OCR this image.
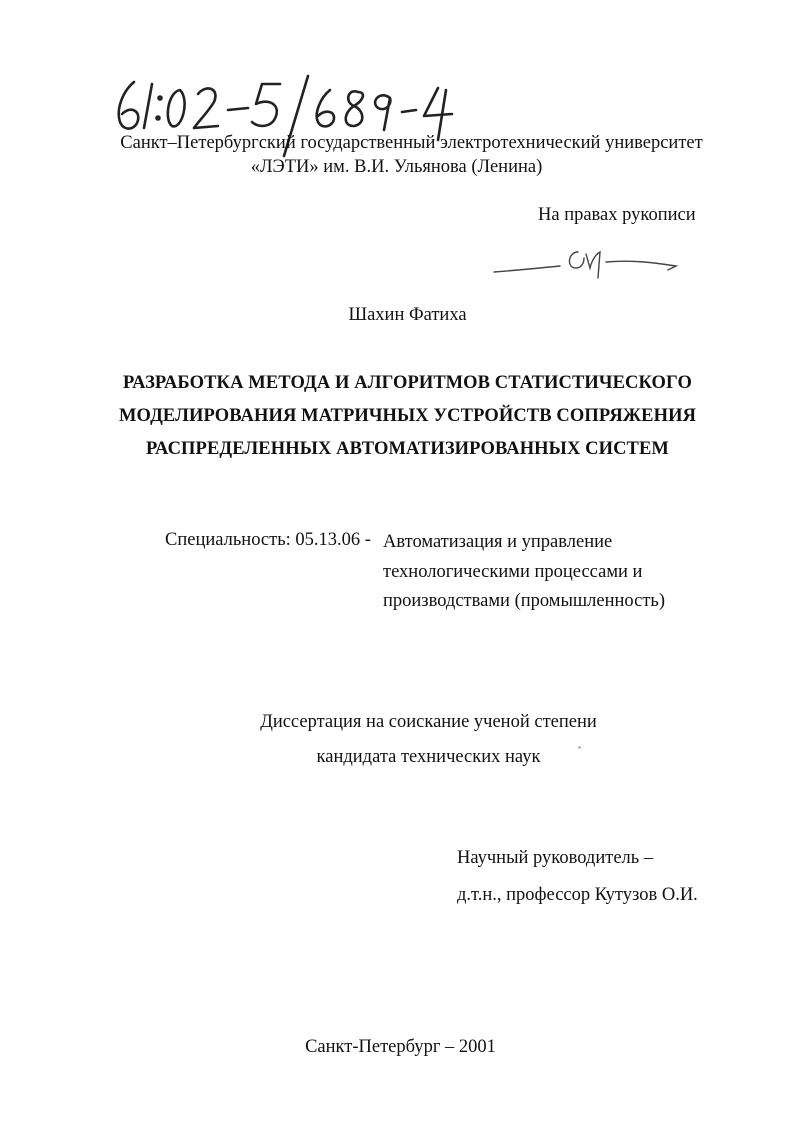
Санкт–Петербургский государственный электротехнический университет
«ЛЭТИ» им. В.И. Ульянова (Ленина)
На правах рукописи
Шахин Фатиха
РАЗРАБОТКА МЕТОДА И АЛГОРИТМОВ СТАТИСТИЧЕСКОГО
МОДЕЛИРОВАНИЯ МАТРИЧНЫХ УСТРОЙСТВ СОПРЯЖЕНИЯ
РАСПРЕДЕЛЕННЫХ АВТОМАТИЗИРОВАННЫХ СИСТЕМ
Специальность: 05.13.06 - Автоматизация и управление
технологическими процессами и
производствами (промышленность)
Диссертация на соискание ученой степени
кандидата технических наук
Научный руководитель –
д.т.н., профессор Кутузов О.И.
Санкт-Петербург – 2001
